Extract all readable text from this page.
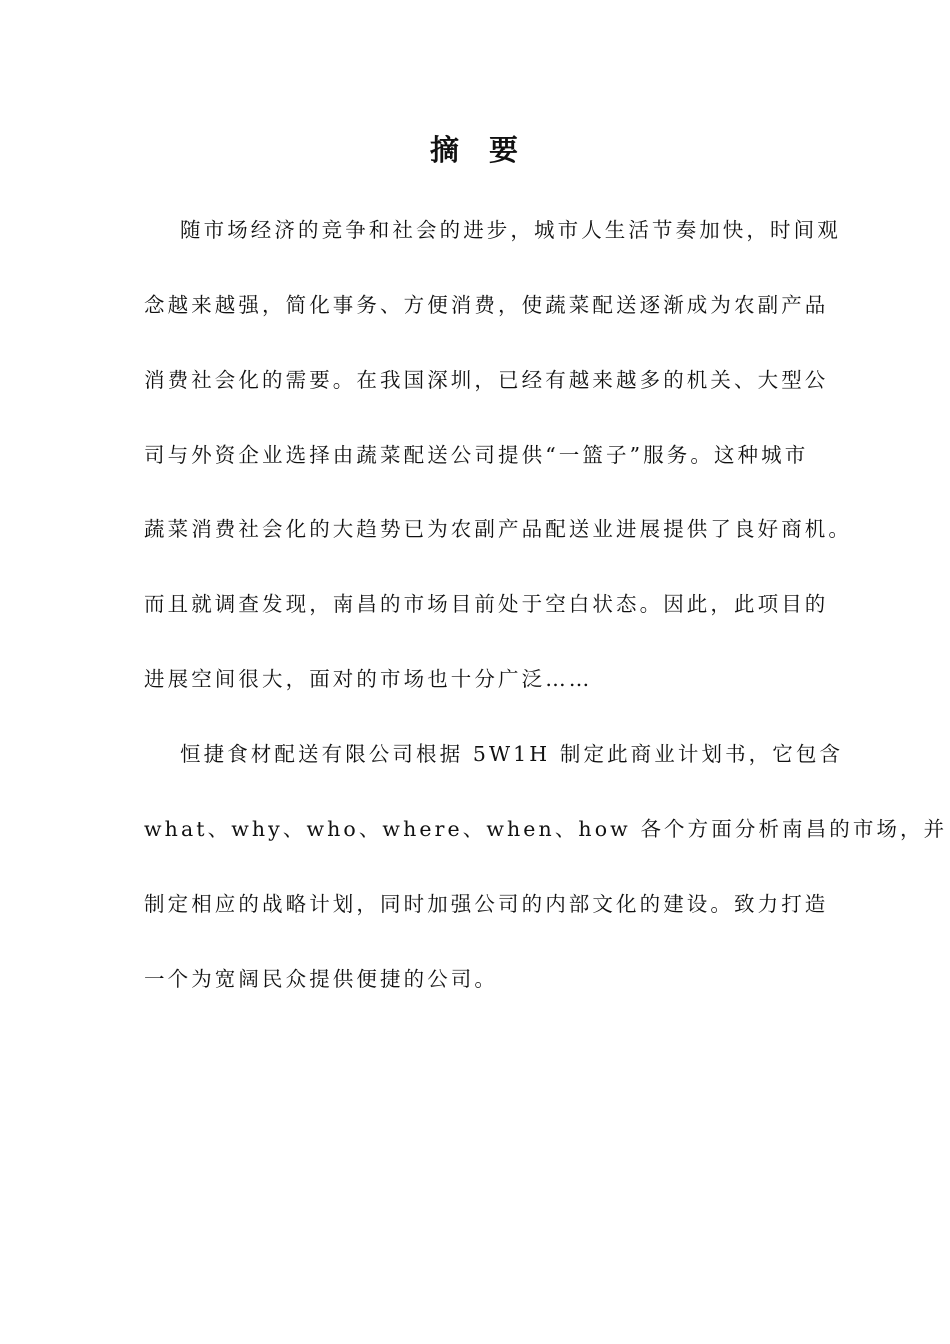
摘 要
随市场经济的竞争和社会的进步，城市人生活节奏加快，时间观
念越来越强，简化事务、方便消费，使蔬菜配送逐渐成为农副产品
消费社会化的需要。在我国深圳，已经有越来越多的机关、大型公
司与外资企业选择由蔬菜配送公司提供“一篮子”服务。这种城市
蔬菜消费社会化的大趋势已为农副产品配送业进展提供了良好商机。
而且就调查发现，南昌的市场目前处于空白状态。因此，此项目的
进展空间很大，面对的市场也十分广泛……
恒捷食材配送有限公司根据 5W1H 制定此商业计划书，它包含
what、why、who、where、when、how 各个方面分析南昌的市场，并
制定相应的战略计划，同时加强公司的内部文化的建设。致力打造
一个为宽阔民众提供便捷的公司。
